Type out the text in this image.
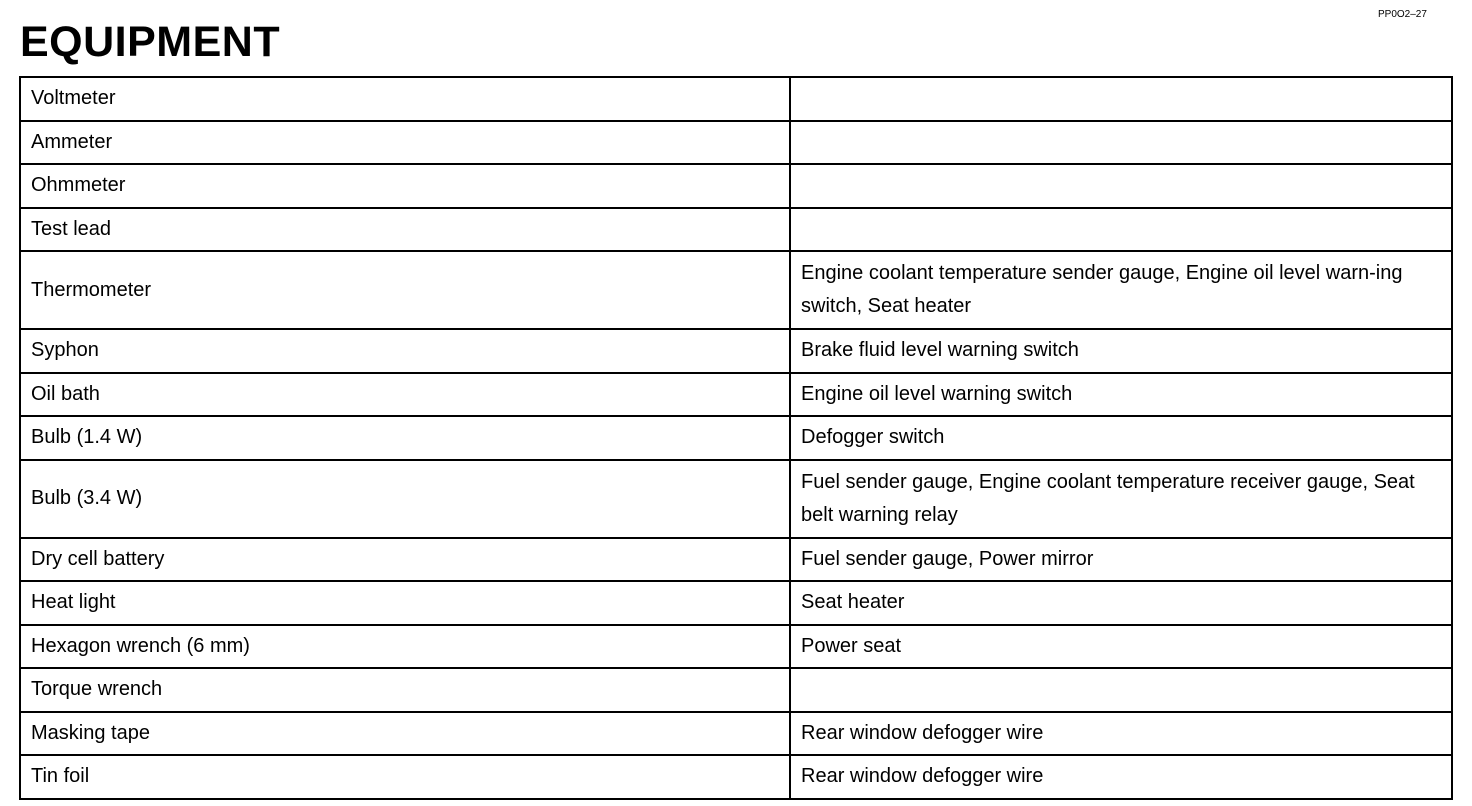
PP0O2–27
EQUIPMENT
Voltmeter	
Ammeter	
Ohmmeter	
Test lead	
Thermometer	Engine coolant temperature sender gauge, Engine oil level warn-ing switch, Seat heater
Syphon	Brake fluid level warning switch
Oil bath	Engine oil level warning switch
Bulb (1.4 W)	Defogger switch
Bulb (3.4 W)	Fuel sender gauge, Engine coolant temperature receiver gauge, Seat belt warning relay
Dry cell battery	Fuel sender gauge, Power mirror
Heat light	Seat heater
Hexagon wrench (6 mm)	Power seat
Torque wrench	
Masking tape	Rear window defogger wire
Tin foil	Rear window defogger wire
